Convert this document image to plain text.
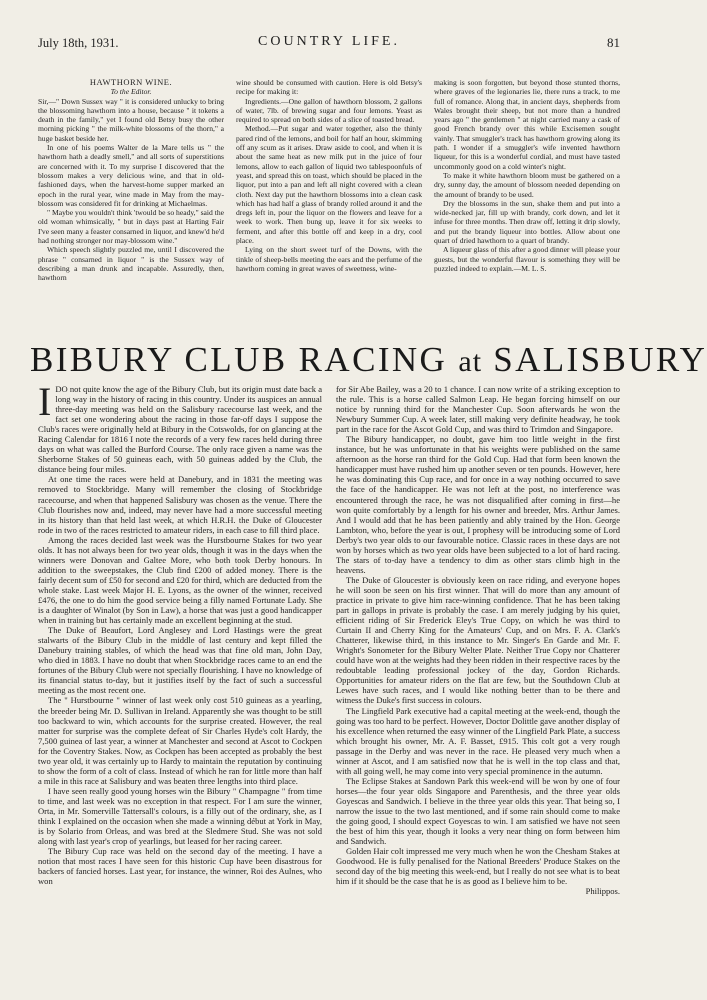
July 18th, 1931.	COUNTRY LIFE.	81

HAWTHORN WINE.

To the Editor.

Sir,—" Down Sussex way " it is considered unlucky to bring the blossoming hawthorn into a house, because " it tokens a death in the family," yet I found old Betsy busy the other morning picking " the milk-white blossoms of the thorn," a huge basket beside her.

In one of his poems Walter de la Mare tells us " the hawthorn hath a deadly smell," and all sorts of superstitions are concerned with it. To my surprise I discovered that the blossom makes a very delicious wine, and that in old-fashioned days, when the harvest-home supper marked an epoch in the rural year, wine made in May from the may-blossom was considered fit for drinking at Michaelmas.

" Maybe you wouldn't think 'twould be so heady," said the old woman whimsically, " but in days past at Harting Fair I've seen many a feaster consarned in liquor, and knew'd he'd had nothing stronger nor may-blossom wine."

Which speech slightly puzzled me, until I discovered the phrase " consarned in liquor " is the Sussex way of describing a man drunk and incapable. Assuredly, then, hawthorn

wine should be consumed with caution. Here is old Betsy's recipe for making it:

Ingredients.—One gallon of hawthorn blossom, 2 gallons of water, 7lb. of brewing sugar and four lemons. Yeast as required to spread on both sides of a slice of toasted bread.

Method.—Put sugar and water together, also the thinly pared rind of the lemons, and boil for half an hour, skimming off any scum as it arises. Draw aside to cool, and when it is about the same heat as new milk put in the juice of four lemons, allow to each gallon of liquid two tablespoonfuls of yeast, and spread this on toast, which should be placed in the liquor, put into a pan and left all night covered with a clean cloth. Next day put the hawthorn blossoms into a clean cask which has had half a glass of brandy rolled around it and the dregs left in, pour the liquor on the flowers and leave for a week to work. Then bung up, leave it for six weeks to ferment, and after this bottle off and keep in a dry, cool place.

Lying on the short sweet turf of the Downs, with the tinkle of sheep-bells meeting the ears and the perfume of the hawthorn coming in great waves of sweetness, wine-

making is soon forgotten, but beyond those stunted thorns, where graves of the legionaries lie, there runs a track, to me full of romance. Along that, in ancient days, shepherds from Wales brought their sheep, but not more than a hundred years ago " the gentlemen " at night carried many a cask of good French brandy over this while Excisemen sought vainly. That smuggler's track has hawthorn growing along its path. I wonder if a smuggler's wife invented hawthorn liqueur, for this is a wonderful cordial, and must have tasted uncommonly good on a cold winter's night.

To make it white hawthorn bloom must be gathered on a dry, sunny day, the amount of blossom needed depending on the amount of brandy to be used.

Dry the blossoms in the sun, shake them and put into a wide-necked jar, fill up with brandy, cork down, and let it infuse for three months. Then draw off, letting it drip slowly, and put the brandy liqueur into bottles. Allow about one quart of dried hawthorn to a quart of brandy.

A liqueur glass of this after a good dinner will please your guests, but the wonderful flavour is something they will be puzzled indeed to explain.—M. L. S.

BIBURY CLUB RACING at SALISBURY

IDO not quite know the age of the Bibury Club, but its origin must date back a long way in the history of racing in this country. Under its auspices an annual three-day meeting was held on the Salisbury racecourse last week, and the fact set one wondering about the racing in those far-off days I suppose the Club's races were originally held at Bibury in the Cotswolds, for on glancing at the Racing Calendar for 1816 I note the records of a very few races held during three days on what was called the Burford Course. The only race given a name was the Sherborne Stakes of 50 guineas each, with 50 guineas added by the Club, the distance being four miles.

At one time the races were held at Danebury, and in 1831 the meeting was removed to Stockbridge. Many will remember the closing of Stockbridge racecourse, and when that happened Salisbury was chosen as the venue. There the Club flourishes now and, indeed, may never have had a more successful meeting in its history than that held last week, at which H.R.H. the Duke of Gloucester rode in two of the races restricted to amateur riders, in each case to fill third place.

Among the races decided last week was the Hurstbourne Stakes for two year olds. It has not always been for two year olds, though it was in the days when the winners were Donovan and Galtee More, who both took Derby honours. In addition to the sweepstakes, the Club find £200 of added money. There is the fairly decent sum of £50 for second and £20 for third, which are deducted from the whole stake. Last week Major H. E. Lyons, as the owner of the winner, received £476, the one to do him the good service being a filly named Fortunate Lady. She is a daughter of Winalot (by Son in Law), a horse that was just a good handicapper when in training but has certainly made an excellent beginning at the stud.

The Duke of Beaufort, Lord Anglesey and Lord Hastings were the great stalwarts of the Bibury Club in the middle of last century and kept filled the Danebury training stables, of which the head was that fine old man, John Day, who died in 1883. I have no doubt that when Stockbridge races came to an end the fortunes of the Bibury Club were not specially flourishing. I have no knowledge of its financial status to-day, but it justifies itself by the fact of such a successful meeting as the most recent one.

The " Hurstbourne " winner of last week only cost 510 guineas as a yearling, the breeder being Mr. D. Sullivan in Ireland. Apparently she was thought to be still too backward to win, which accounts for the surprise created. However, the real matter for surprise was the complete defeat of Sir Charles Hyde's colt Hardy, the 7,500 guinea of last year, a winner at Manchester and second at Ascot to Cockpen for the Coventry Stakes. Now, as Cockpen has been accepted as probably the best two year old, it was certainly up to Hardy to maintain the reputation by continuing to show the form of a colt of class. Instead of which he ran for little more than half a mile in this race at Salisbury and was beaten three lengths into third place.

I have seen really good young horses win the Bibury " Champagne " from time to time, and last week was no exception in that respect. For I am sure the winner, Orta, in Mr. Somerville Tattersall's colours, is a filly out of the ordinary, she, as I think I explained on the occasion when she made a winning début at York in May, is by Solario from Orleas, and was bred at the Sledmere Stud. She was not sold along with last year's crop of yearlings, but leased for her racing career.

The Bibury Cup race was held on the second day of the meeting. I have a notion that most races I have seen for this historic Cup have been disastrous for backers of fancied horses. Last year, for instance, the winner, Roi des Aulnes, who won

for Sir Abe Bailey, was a 20 to 1 chance. I can now write of a striking exception to the rule. This is a horse called Salmon Leap. He began forcing himself on our notice by running third for the Manchester Cup. Soon afterwards he won the Newbury Summer Cup. A week later, still making very definite headway, he took part in the race for the Ascot Gold Cup, and was third to Trimdon and Singapore.

The Bibury handicapper, no doubt, gave him too little weight in the first instance, but he was unfortunate in that his weights were published on the same afternoon as the horse ran third for the Gold Cup. Had that form been known the handicapper must have rushed him up another seven or ten pounds. However, here he was dominating this Cup race, and for once in a way nothing occurred to save the face of the handicapper. He was not left at the post, no interference was encountered through the race, he was not disqualified after coming in first—he won quite comfortably by a length for his owner and breeder, Mrs. Arthur James. And I would add that he has been patiently and ably trained by the Hon. George Lambton, who, before the year is out, I prophesy will be introducing some of Lord Derby's two year olds to our favourable notice. Classic races in these days are not won by horses which as two year olds have been subjected to a lot of hard racing. The stars of to-day have a tendency to dim as other stars climb high in the heavens.

The Duke of Gloucester is obviously keen on race riding, and everyone hopes he will soon be seen on his first winner. That will do more than any amount of practice in private to give him race-winning confidence. That he has been taking part in gallops in private is probably the case. I am merely judging by his quiet, efficient riding of Sir Frederick Eley's True Copy, on which he was third to Curtain II and Cherry King for the Amateurs' Cup, and on Mrs. F. A. Clark's Chatterer, likewise third, in this instance to Mr. Singer's En Garde and Mr. F. Wright's Sonometer for the Bibury Welter Plate. Neither True Copy nor Chatterer could have won at the weights had they been ridden in their respective races by the redoubtable leading professional jockey of the day, Gordon Richards. Opportunities for amateur riders on the flat are few, but the Southdown Club at Lewes have such races, and I would like nothing better than to be there and witness the Duke's first success in colours.

The Lingfield Park executive had a capital meeting at the week-end, though the going was too hard to be perfect. However, Doctor Dolittle gave another display of his excellence when returned the easy winner of the Lingfield Park Plate, a success which brought his owner, Mr. A. F. Basset, £915. This colt got a very rough passage in the Derby and was never in the race. He pleased very much when a winner at Ascot, and I am satisfied now that he is well in the top class and that, with all going well, he may come into very special prominence in the autumn.

The Eclipse Stakes at Sandown Park this week-end will be won by one of four horses—the four year olds Singapore and Parenthesis, and the three year olds Goyescas and Sandwich. I believe in the three year olds this year. That being so, I narrow the issue to the two last mentioned, and if some rain should come to make the going good, I should expect Goyescas to win. I am satisfied we have not seen the best of him this year, though it looks a very near thing on form between him and Sandwich.

Golden Hair colt impressed me very much when he won the Chesham Stakes at Goodwood. He is fully penalised for the National Breeders' Produce Stakes on the second day of the big meeting this week-end, but I really do not see what is to beat him if it should be the case that he is as good as I believe him to be.

Philippos.
